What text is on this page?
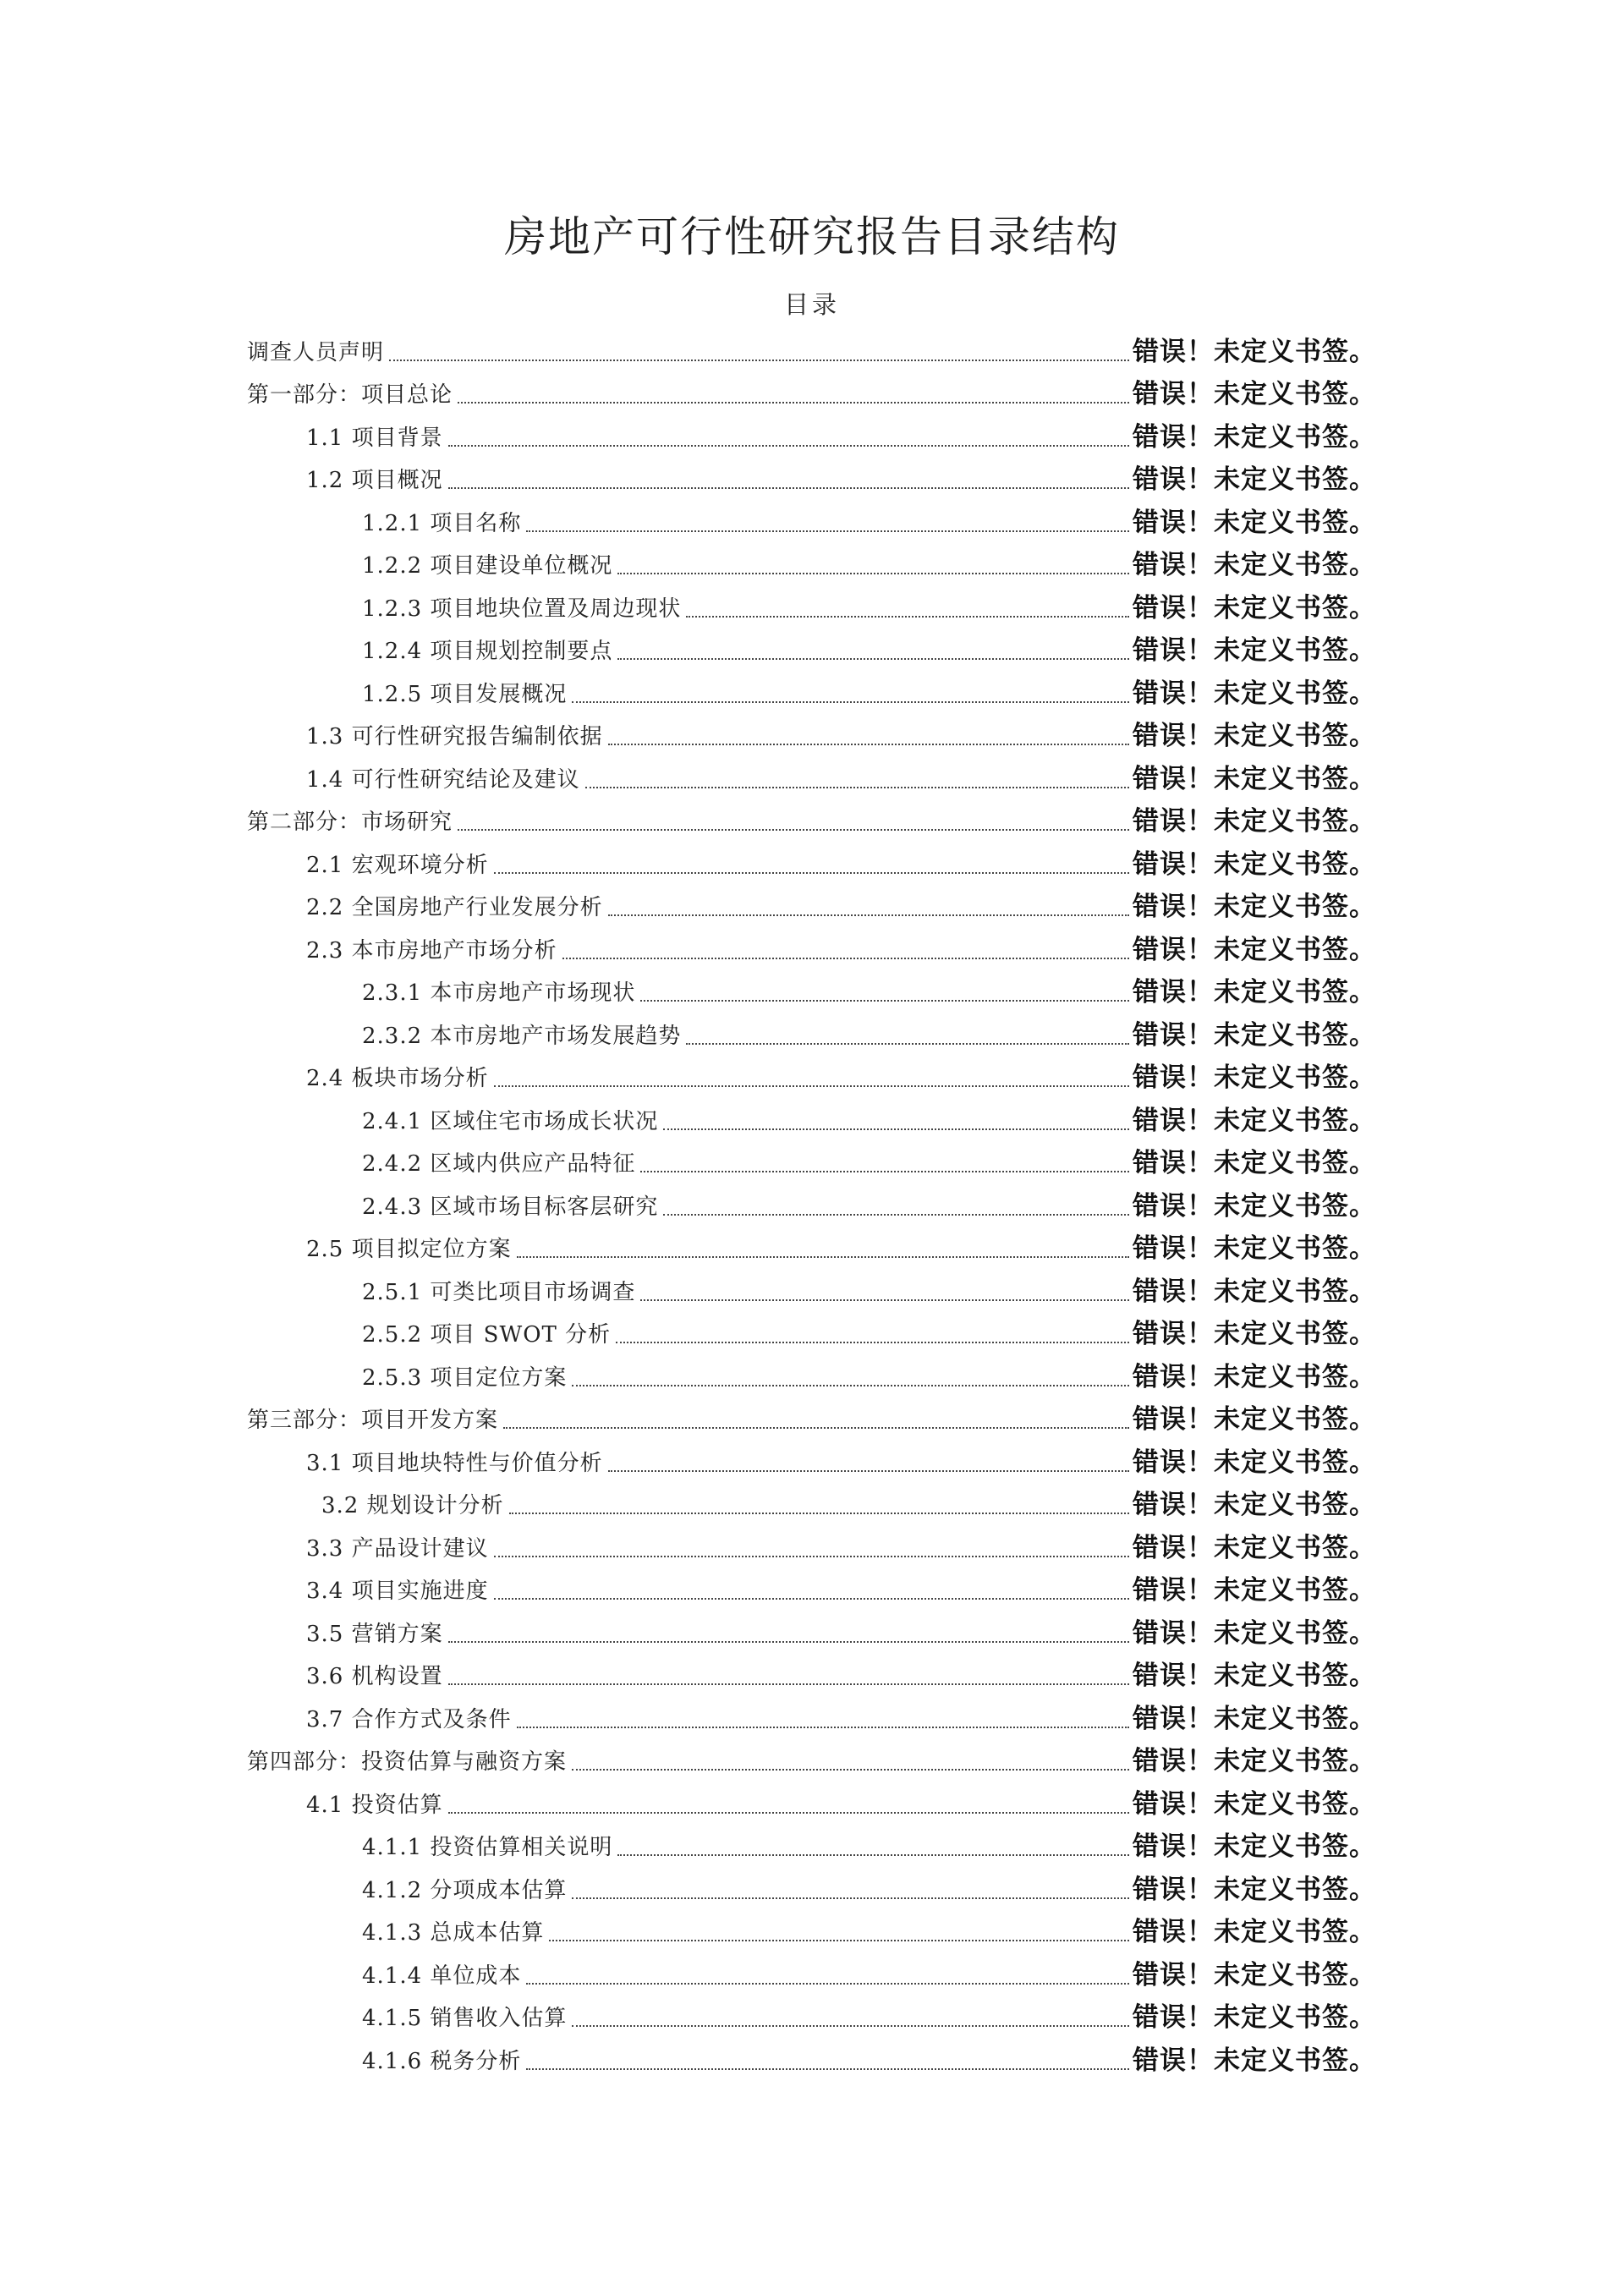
房地产可行性研究报告目录结构
目录
调查人员声明	错误！未定义书签。
第一部分：项目总论	错误！未定义书签。
1.1 项目背景	错误！未定义书签。
1.2 项目概况	错误！未定义书签。
1.2.1 项目名称	错误！未定义书签。
1.2.2 项目建设单位概况	错误！未定义书签。
1.2.3 项目地块位置及周边现状	错误！未定义书签。
1.2.4 项目规划控制要点	错误！未定义书签。
1.2.5 项目发展概况	错误！未定义书签。
1.3 可行性研究报告编制依据	错误！未定义书签。
1.4 可行性研究结论及建议	错误！未定义书签。
第二部分：市场研究	错误！未定义书签。
2.1 宏观环境分析	错误！未定义书签。
2.2 全国房地产行业发展分析	错误！未定义书签。
2.3 本市房地产市场分析	错误！未定义书签。
2.3.1 本市房地产市场现状	错误！未定义书签。
2.3.2 本市房地产市场发展趋势	错误！未定义书签。
2.4 板块市场分析	错误！未定义书签。
2.4.1 区域住宅市场成长状况	错误！未定义书签。
2.4.2 区域内供应产品特征	错误！未定义书签。
2.4.3 区域市场目标客层研究	错误！未定义书签。
2.5 项目拟定位方案	错误！未定义书签。
2.5.1 可类比项目市场调查	错误！未定义书签。
2.5.2 项目 SWOT 分析	错误！未定义书签。
2.5.3 项目定位方案	错误！未定义书签。
第三部分：项目开发方案	错误！未定义书签。
3.1 项目地块特性与价值分析	错误！未定义书签。
3.2 规划设计分析	错误！未定义书签。
3.3 产品设计建议	错误！未定义书签。
3.4 项目实施进度	错误！未定义书签。
3.5 营销方案	错误！未定义书签。
3.6 机构设置	错误！未定义书签。
3.7 合作方式及条件	错误！未定义书签。
第四部分：投资估算与融资方案	错误！未定义书签。
4.1 投资估算	错误！未定义书签。
4.1.1 投资估算相关说明	错误！未定义书签。
4.1.2 分项成本估算	错误！未定义书签。
4.1.3 总成本估算	错误！未定义书签。
4.1.4 单位成本	错误！未定义书签。
4.1.5 销售收入估算	错误！未定义书签。
4.1.6 税务分析	错误！未定义书签。
